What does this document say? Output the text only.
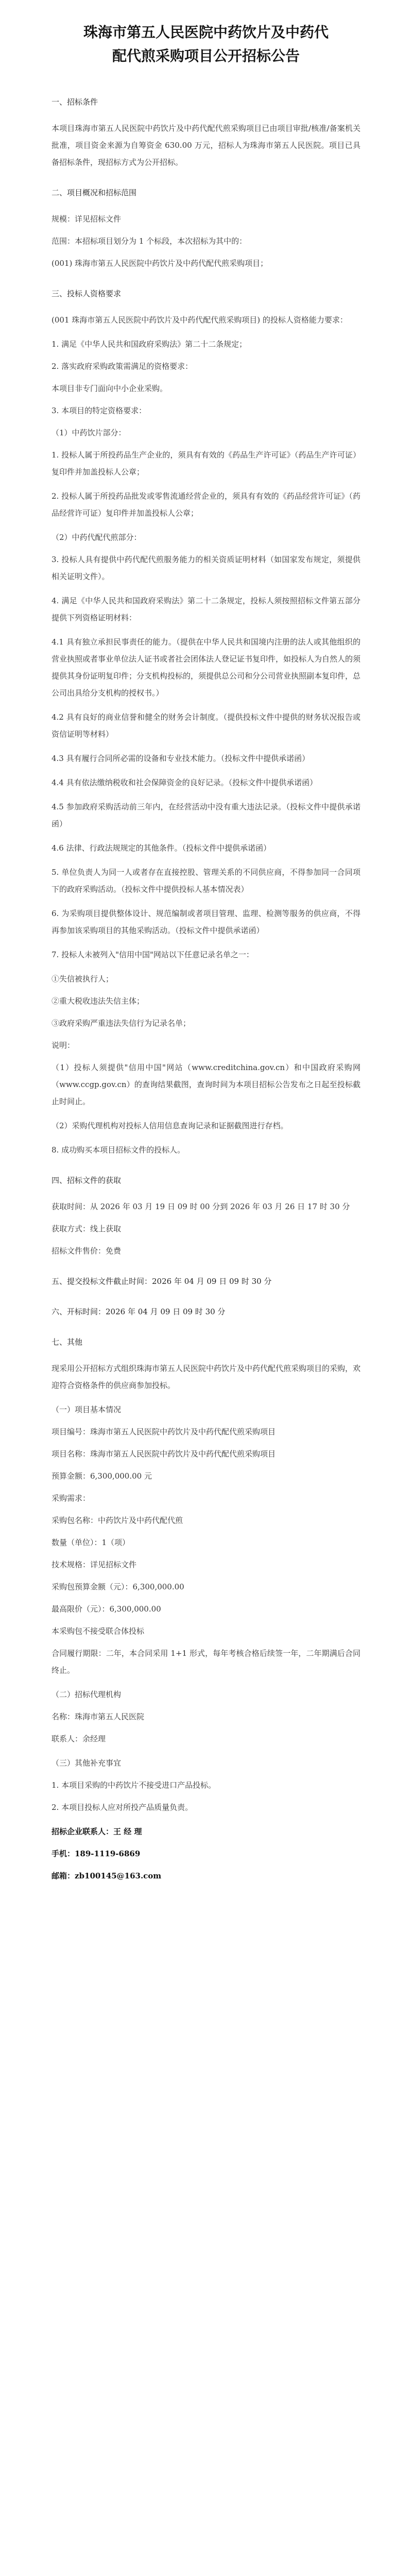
珠海市第五人民医院中药饮片及中药代配代煎采购项目公开招标公告
一、招标条件
本项目珠海市第五人民医院中药饮片及中药代配代煎采购项目已由项目审批/核准/备案机关批准，项目资金来源为自筹资金 630.00 万元，招标人为珠海市第五人民医院。项目已具备招标条件，现招标方式为公开招标。
二、项目概况和招标范围
规模：详见招标文件
范围：本招标项目划分为 1 个标段，本次招标为其中的：
(001) 珠海市第五人民医院中药饮片及中药代配代煎采购项目；
三、投标人资格要求
(001 珠海市第五人民医院中药饮片及中药代配代煎采购项目) 的投标人资格能力要求：
1. 满足《中华人民共和国政府采购法》第二十二条规定；
2. 落实政府采购政策需满足的资格要求：
本项目非专门面向中小企业采购。
3. 本项目的特定资格要求：
（1）中药饮片部分：
1. 投标人属于所投药品生产企业的，须具有有效的《药品生产许可证》（药品生产许可证）复印件并加盖投标人公章；
2. 投标人属于所投药品批发或零售流通经营企业的，须具有有效的《药品经营许可证》（药品经营许可证）复印件并加盖投标人公章；
（2）中药代配代煎部分：
3. 投标人具有提供中药代配代煎服务能力的相关资质证明材料（如国家发布规定，须提供相关证明文件）。
4. 满足《中华人民共和国政府采购法》第二十二条规定，投标人须按照招标文件第五部分提供下列资格证明材料：
4.1 具有独立承担民事责任的能力。（提供在中华人民共和国境内注册的法人或其他组织的营业执照或者事业单位法人证书或者社会团体法人登记证书复印件，如投标人为自然人的须提供其身份证明复印件；分支机构投标的，须提供总公司和分公司营业执照副本复印件，总公司出具给分支机构的授权书。）
4.2 具有良好的商业信誉和健全的财务会计制度。（提供投标文件中提供的财务状况报告或资信证明等材料）
4.3 具有履行合同所必需的设备和专业技术能力。（投标文件中提供承诺函）
4.4 具有依法缴纳税收和社会保障资金的良好记录。（投标文件中提供承诺函）
4.5 参加政府采购活动前三年内，在经营活动中没有重大违法记录。（投标文件中提供承诺函）
4.6 法律、行政法规规定的其他条件。（投标文件中提供承诺函）
5. 单位负责人为同一人或者存在直接控股、管理关系的不同供应商，不得参加同一合同项下的政府采购活动。（投标文件中提供投标人基本情况表）
6. 为采购项目提供整体设计、规范编制或者项目管理、监理、检测等服务的供应商，不得再参加该采购项目的其他采购活动。（投标文件中提供承诺函）
7. 投标人未被列入"信用中国"网站以下任意记录名单之一：
①失信被执行人；
②重大税收违法失信主体；
③政府采购严重违法失信行为记录名单；
说明：
（1）投标人须提供"信用中国"网站（www.creditchina.gov.cn）和中国政府采购网（www.ccgp.gov.cn）的查询结果截图，查询时间为本项目招标公告发布之日起至投标截止时间止。
（2）采购代理机构对投标人信用信息查询记录和证据截图进行存档。
8. 成功购买本项目招标文件的投标人。
四、招标文件的获取
获取时间：从 2026 年 03 月 19 日 09 时 00 分到 2026 年 03 月 26 日 17 时 30 分
获取方式：线上获取
招标文件售价：免费
五、提交投标文件截止时间：2026 年 04 月 09 日 09 时 30 分
六、开标时间：2026 年 04 月 09 日 09 时 30 分
七、其他
现采用公开招标方式组织珠海市第五人民医院中药饮片及中药代配代煎采购项目的采购，欢迎符合资格条件的供应商参加投标。
（一）项目基本情况
项目编号：珠海市第五人民医院中药饮片及中药代配代煎采购项目
项目名称：珠海市第五人民医院中药饮片及中药代配代煎采购项目
预算金额：6,300,000.00 元
采购需求：
采购包名称：中药饮片及中药代配代煎
数量（单位）：1（项）
技术规格：详见招标文件
采购包预算金额（元）：6,300,000.00
最高限价（元）：6,300,000.00
本采购包不接受联合体投标
合同履行期限：二年，本合同采用 1+1 形式，每年考核合格后续签一年，二年期满后合同终止。
（二）招标代理机构
名称：珠海市第五人民医院
联系人：余经理
（三）其他补充事宜
1. 本项目采购的中药饮片不接受进口产品投标。
2. 本项目投标人应对所投产品质量负责。
招标企业联系人：王 经 理
手机：189-1119-6869
邮箱：zb100145@163.com
